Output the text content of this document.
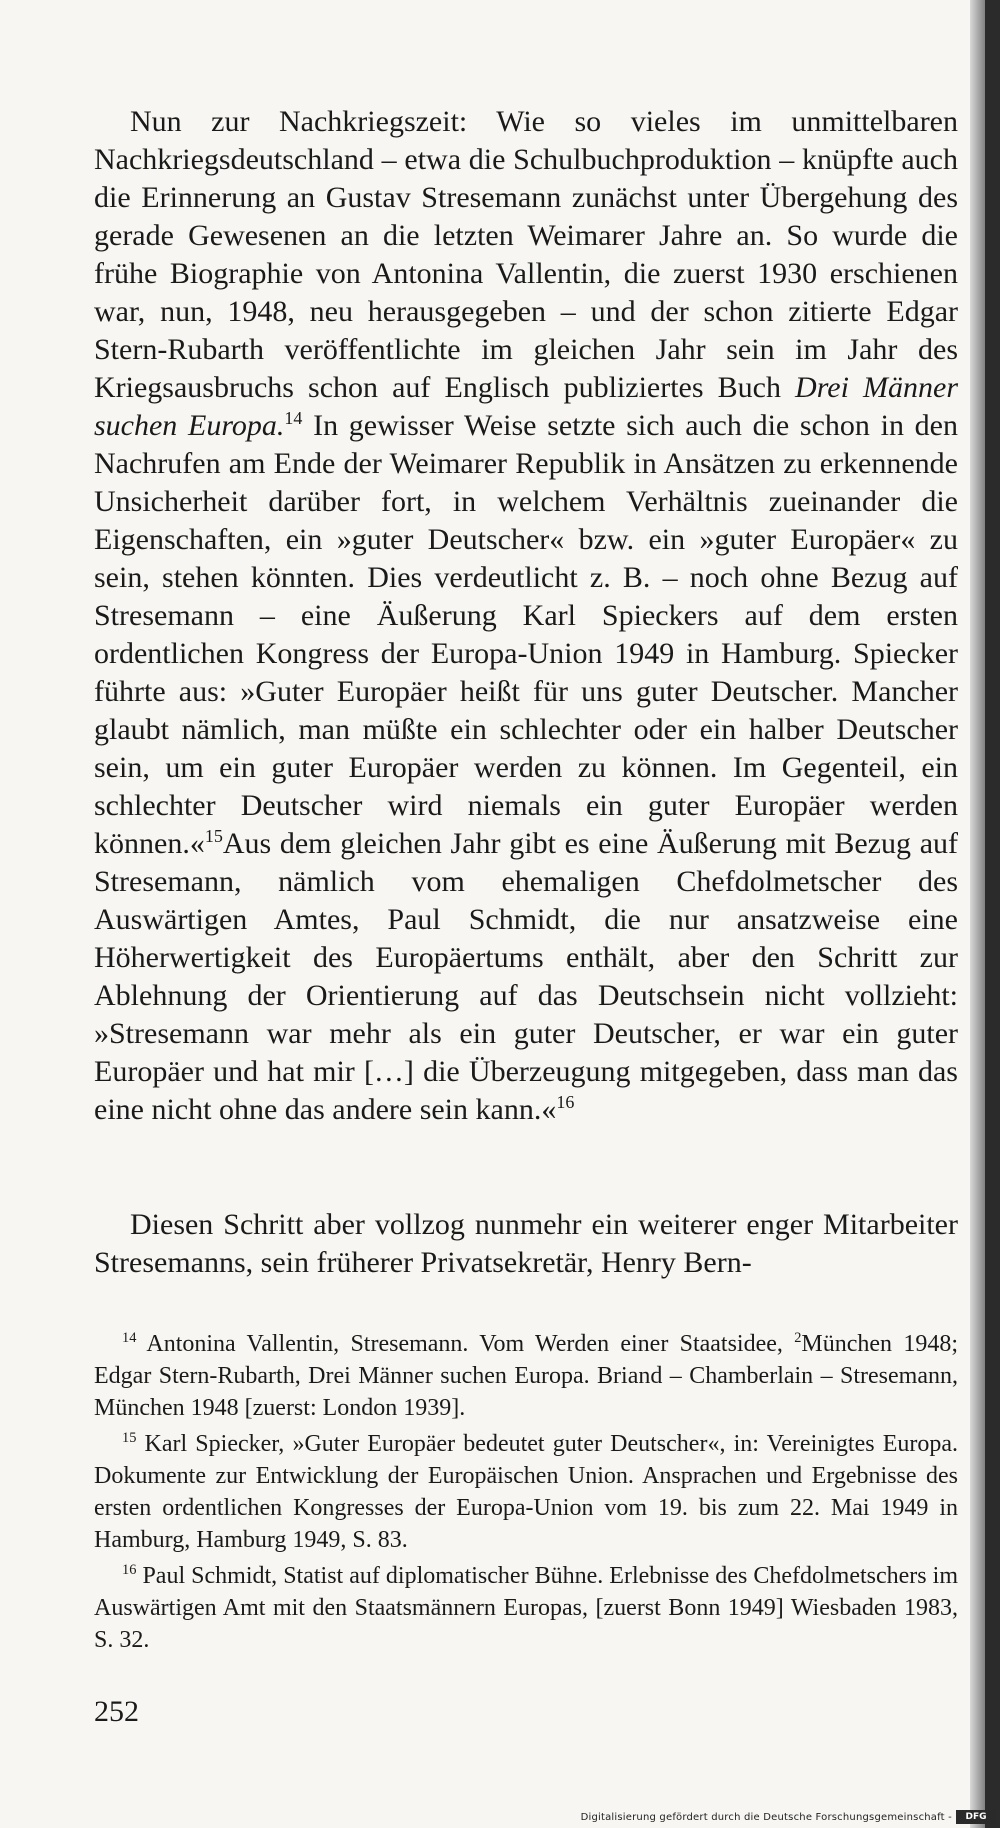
Nun zur Nachkriegszeit: Wie so vieles im unmittelbaren Nachkriegsdeutschland – etwa die Schulbuchproduktion – knüpfte auch die Erinnerung an Gustav Stresemann zunächst unter Übergehung des gerade Gewesenen an die letzten Weimarer Jahre an. So wurde die frühe Biographie von Antonina Vallentin, die zuerst 1930 erschienen war, nun, 1948, neu herausgegeben – und der schon zitierte Edgar Stern-Rubarth veröffentlichte im gleichen Jahr sein im Jahr des Kriegsausbruchs schon auf Englisch publiziertes Buch Drei Männer suchen Europa.$^{14}$ In gewisser Weise setzte sich auch die schon in den Nachrufen am Ende der Weimarer Republik in Ansätzen zu erkennende Unsicherheit darüber fort, in welchem Verhältnis zueinander die Eigenschaften, ein »guter Deutscher« bzw. ein »guter Europäer« zu sein, stehen könnten. Dies verdeutlicht z. B. – noch ohne Bezug auf Stresemann – eine Äußerung Karl Spieckers auf dem ersten ordentlichen Kongress der Europa-Union 1949 in Hamburg. Spiecker führte aus: »Guter Europäer heißt für uns guter Deutscher. Mancher glaubt nämlich, man müßte ein schlechter oder ein halber Deutscher sein, um ein guter Europäer werden zu können. Im Gegenteil, ein schlechter Deutscher wird niemals ein guter Europäer werden können.«$^{15}$Aus dem gleichen Jahr gibt es eine Äußerung mit Bezug auf Stresemann, nämlich vom ehemaligen Chefdolmetscher des Auswärtigen Amtes, Paul Schmidt, die nur ansatzweise eine Höherwertigkeit des Europäertums enthält, aber den Schritt zur Ablehnung der Orientierung auf das Deutschsein nicht vollzieht: »Stresemann war mehr als ein guter Deutscher, er war ein guter Europäer und hat mir […] die Überzeugung mitgegeben, dass man das eine nicht ohne das andere sein kann.«$^{16}$

Diesen Schritt aber vollzog nunmehr ein weiterer enger Mitarbeiter Stresemanns, sein früherer Privatsekretär, Henry Bern-

$^{14}$ Antonina Vallentin, Stresemann. Vom Werden einer Staatsidee, $^2$München 1948; Edgar Stern-Rubarth, Drei Männer suchen Europa. Briand – Chamberlain – Stresemann, München 1948 [zuerst: London 1939].

$^{15}$ Karl Spiecker, »Guter Europäer bedeutet guter Deutscher«, in: Vereinigtes Europa. Dokumente zur Entwicklung der Europäischen Union. Ansprachen und Ergebnisse des ersten ordentlichen Kongresses der Europa-Union vom 19. bis zum 22. Mai 1949 in Hamburg, Hamburg 1949, S. 83.

$^{16}$ Paul Schmidt, Statist auf diplomatischer Bühne. Erlebnisse des Chefdolmetschers im Auswärtigen Amt mit den Staatsmännern Europas, [zuerst Bonn 1949] Wiesbaden 1983, S. 32.

252
Digitalisierung gefördert durch die Deutsche Forschungsgemeinschaft -	DFG
